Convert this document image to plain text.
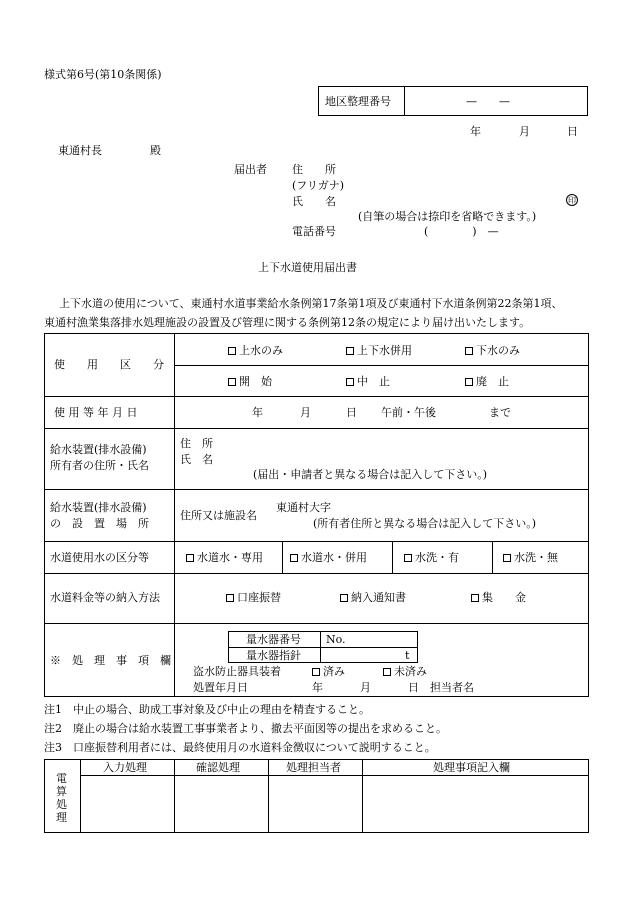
様式第6号(第10条関係)
地区整理番号	—　　—
年	月	日
東通村長	殿
届出者 住　　所
(フリガナ)
氏　　名	印
(自筆の場合は捺印を省略できます。)
電話番号	(　　　　)　—
上下水道使用届出書
上下水道の使用について、東通村水道事業給水条例第17条第1項及び東通村下水道条例第22条第1項、
東通村漁業集落排水処理施設の設置及び管理に関する条例第12条の規定により届け出いたします。
使　　用　　区　　分
上水のみ	上下水併用	下水のみ
開　始	中　止	廃　止
使 用 等 年 月 日	年	月	日 午前・午後	まで
給水装置(排水設備)
所有者の住所・氏名
住　所
氏　名
(届出・申請者と異なる場合は記入して下さい。)
給水装置(排水設備)
の　設　置　場　所
住所又は施設名
東通村大字
(所有者住所と異なる場合は記入して下さい。)
水道使用水の区分等	水道水・専用	水道水・併用	水洗・有	水洗・無
水道料金等の納入方法	口座振替	納入通知書	集　　金
※　処　理　事　項　欄
量水器番号 No.
量水器指針	t
盗水防止器具装着	済み	未済み
処置年月日	年	月	日 担当者名
注1　中止の場合、助成工事対象及び中止の理由を精査すること。
注2　廃止の場合は給水装置工事事業者より、撤去平面図等の提出を求めること。
注3　口座振替利用者には、最終使用月の水道料金徴収について説明すること。
電
算
処
理
入力処理	確認処理	処理担当者	処理事項記入欄
